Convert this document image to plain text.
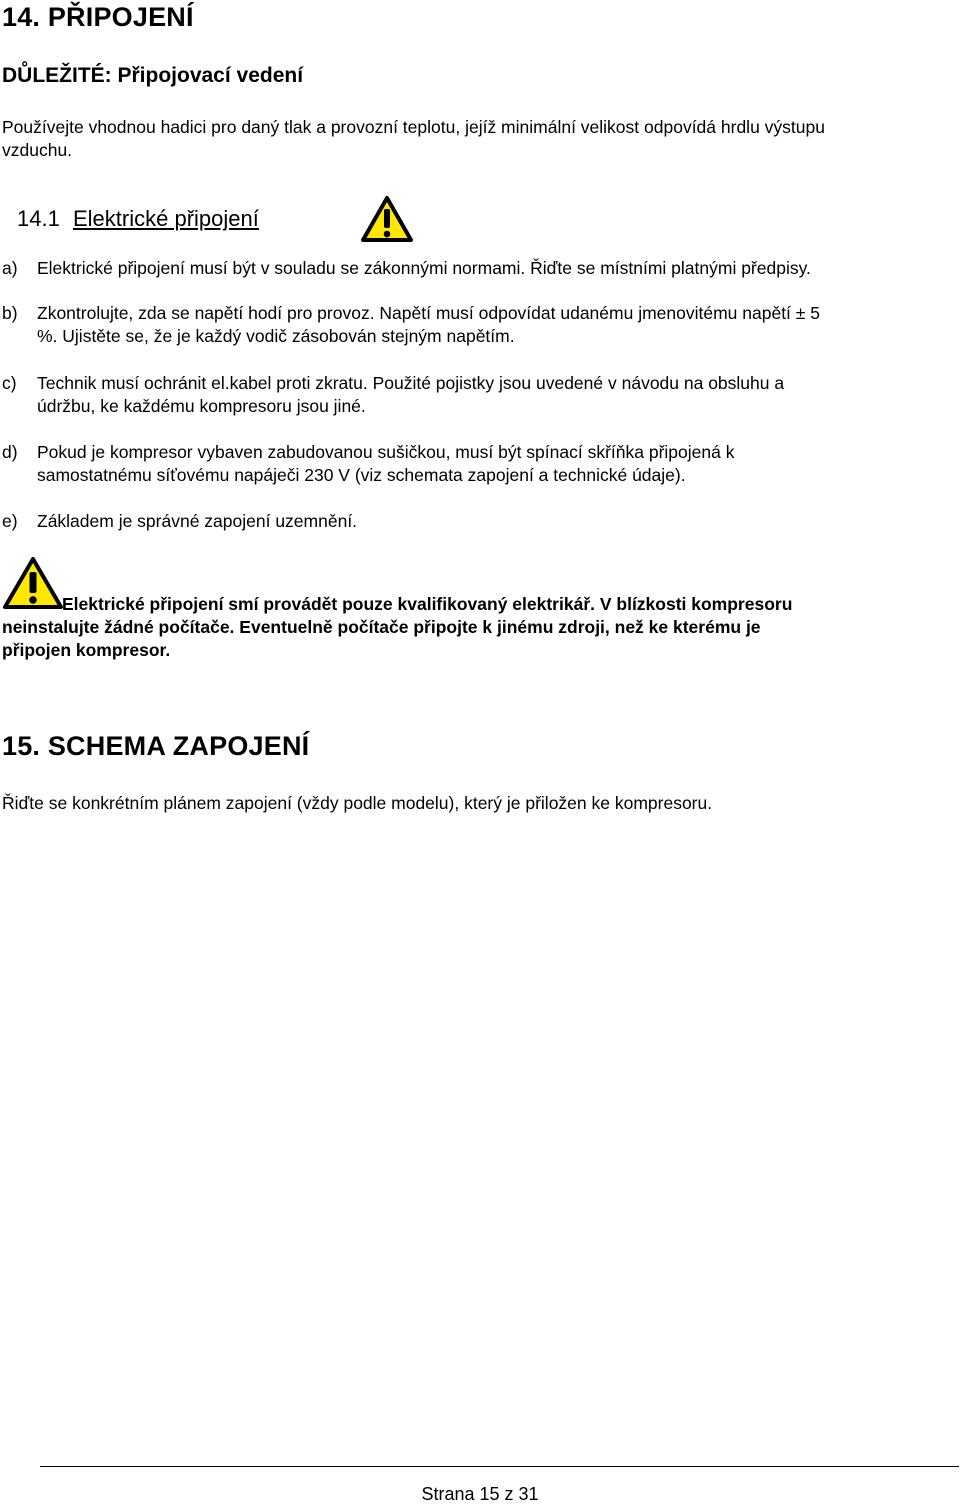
14. PŘIPOJENÍ
DŮLEŽITÉ: Připojovací vedení
Používejte vhodnou hadici pro daný tlak a provozní teplotu, jejíž minimální velikost odpovídá hrdlu výstupu
vzduchu.
14.1 Elektrické připojení
a) Elektrické připojení musí být v souladu se zákonnými normami. Řiďte se místními platnými předpisy.
b) Zkontrolujte, zda se napětí hodí pro provoz. Napětí musí odpovídat udanému jmenovitému napětí ± 5
%. Ujistěte se, že je každý vodič zásobován stejným napětím.
c) Technik musí ochránit el.kabel proti zkratu. Použité pojistky jsou uvedené v návodu na obsluhu a
údržbu, ke každému kompresoru jsou jiné.
d) Pokud je kompresor vybaven zabudovanou sušičkou, musí být spínací skříňka připojená k
samostatnému síťovému napáječi 230 V (viz schemata zapojení a technické údaje).
e) Základem je správné zapojení uzemnění.
Elektrické připojení smí provádět pouze kvalifikovaný elektrikář. V blízkosti kompresoru
neinstalujte žádné počítače. Eventuelně počítače připojte k jinému zdroji, než ke kterému je
připojen kompresor.
15. SCHEMA ZAPOJENÍ
Řiďte se konkrétním plánem zapojení (vždy podle modelu), který je přiložen ke kompresoru.
Strana 15 z 31
